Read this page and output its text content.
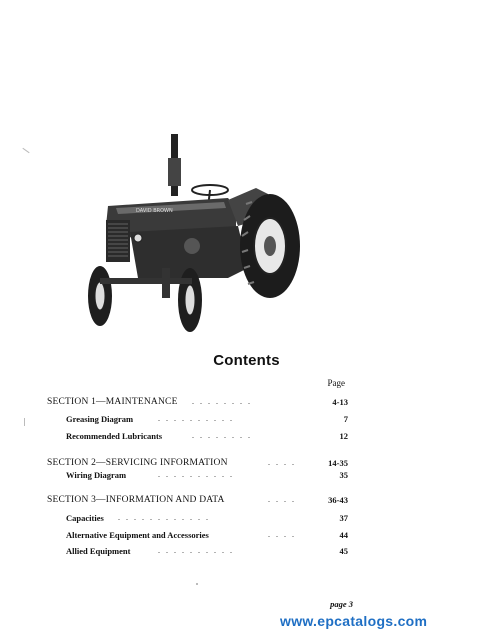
DAVID BROWN
Contents
Page
SECTION 1—MAINTENANCE . . . . . . . .	4-13
Greasing Diagram	. . . . . . . . . .	7
Recommended Lubricants	. . . . . . . .	12
SECTION 2—SERVICING INFORMATION	. . . .	14-35
Wiring Diagram	. . . . . . . . . .	35
SECTION 3—INFORMATION AND DATA	. . . .	36-43
Capacities . . . . . . . . . . . .	37
Alternative Equipment and Accessories	. . . .	44
Allied Equipment	. . . . . . . . . .	45
page 3
www.epcatalogs.com
